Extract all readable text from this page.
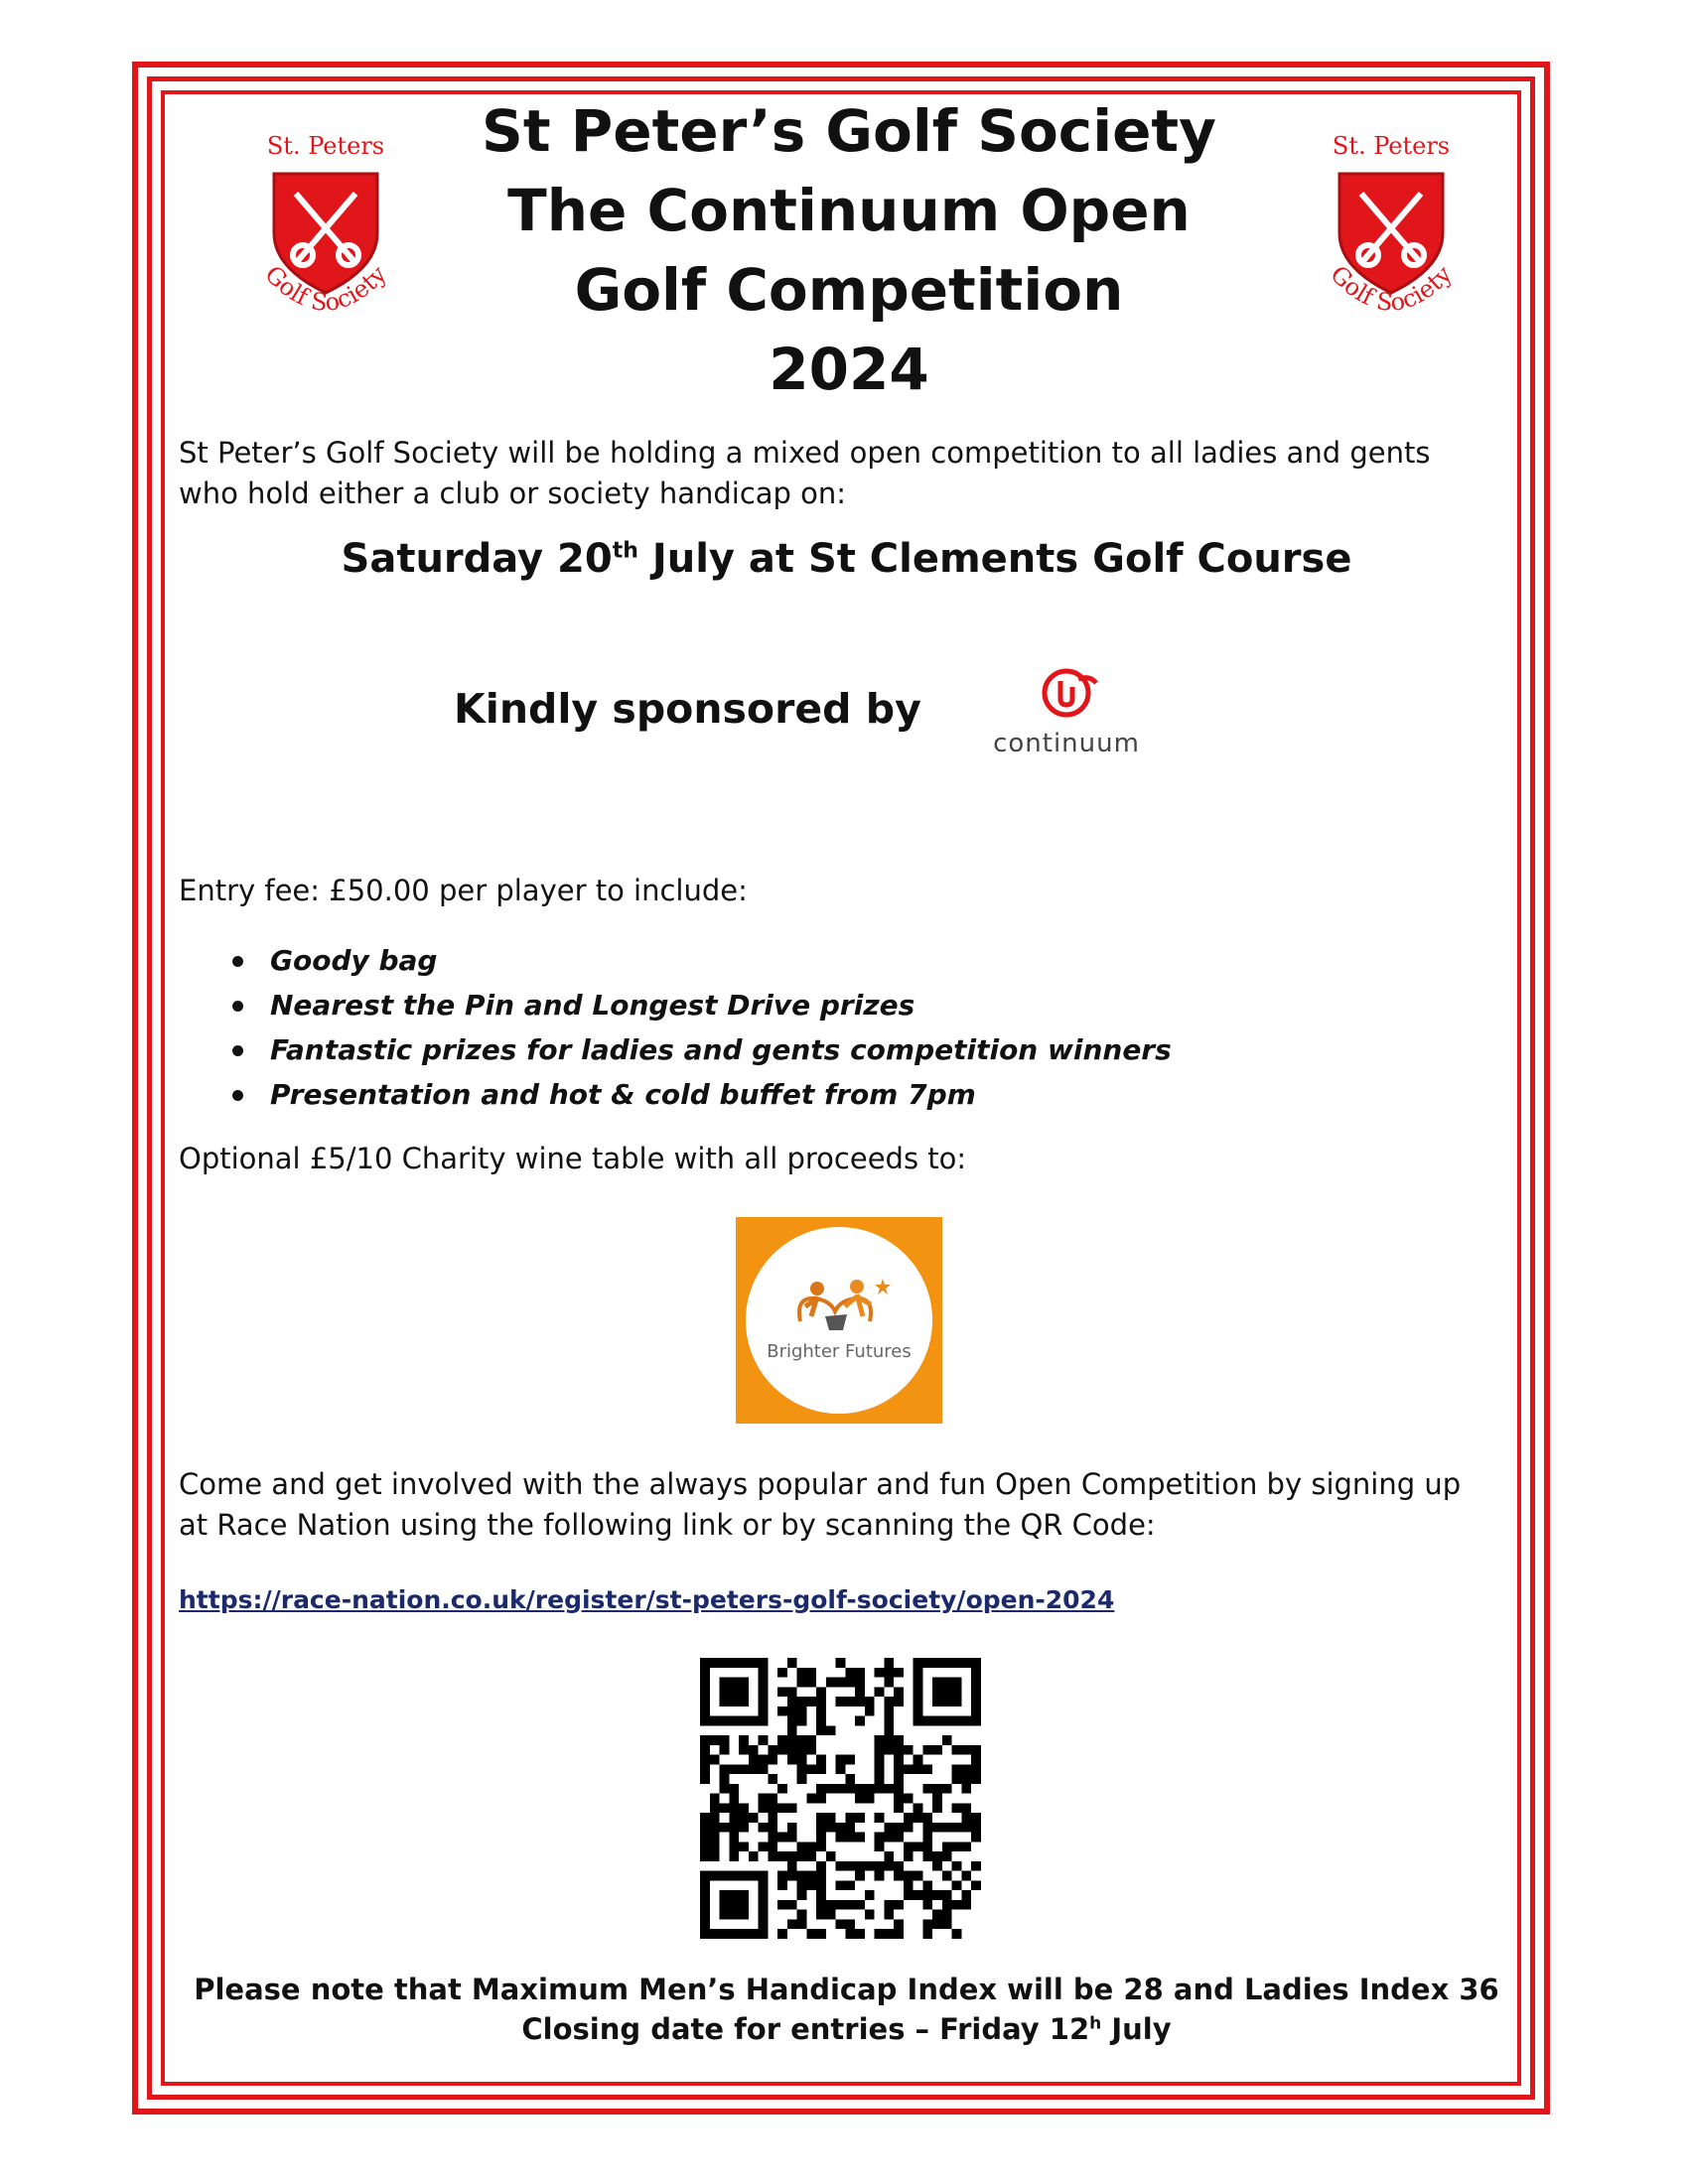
St. Peters
Golf Society
St. Peters
Golf Society
St Peter’s Golf Society
The Continuum Open
Golf Competition
2024
St Peter’s Golf Society will be holding a mixed open competition to all ladies and gents
who hold either a club or society handicap on:
Saturday 20th July at St Clements Golf Course
Kindly sponsored by
continuum
Entry fee: £50.00 per player to include:
Goody bag
Nearest the Pin and Longest Drive prizes
Fantastic prizes for ladies and gents competition winners
Presentation and hot & cold buffet from 7pm
Optional £5/10 Charity wine table with all proceeds to:
Brighter Futures
Come and get involved with the always popular and fun Open Competition by signing up
at Race Nation using the following link or by scanning the QR Code:
https://race-nation.co.uk/register/st-peters-golf-society/open-2024
Please note that Maximum Men’s Handicap Index will be 28 and Ladies Index 36
Closing date for entries – Friday 12$^h$ July
